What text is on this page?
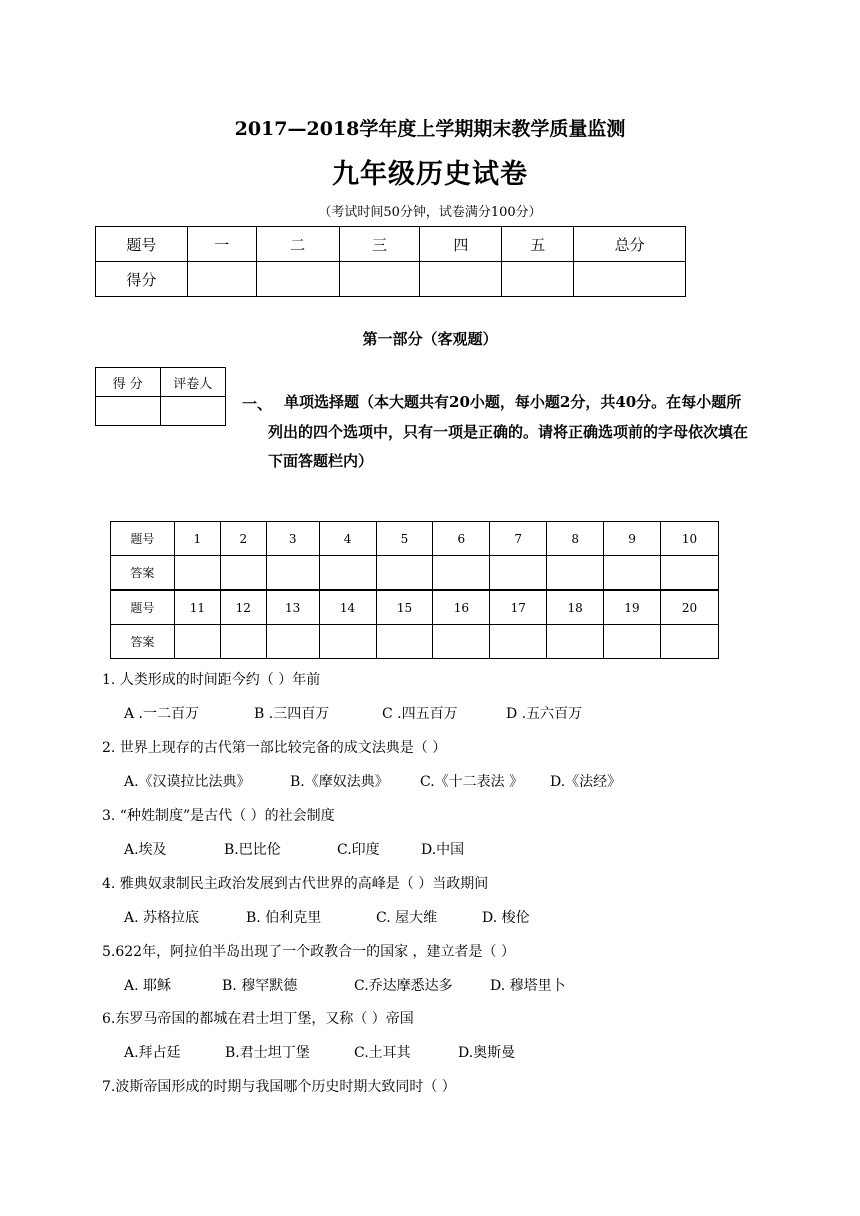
2017—2018学年度上学期期末教学质量监测
九年级历史试卷
（考试时间50分钟，试卷满分100分）
题号	一	二	三	四	五	总分
得分						
第一部分（客观题）
得 分	评卷人

一、 单项选择题（本大题共有20小题，每小题2分，共40分。在每小题所
列出的四个选项中，只有一项是正确的。请将正确选项前的字母依次填在
下面答题栏内）
题号	1	2	3	4	5	6	7	8	9	10
答案										
题号	11	12	13	14	15	16	17	18	19	20
答案										
1. 人类形成的时间距今约（ ）年前
A .一二百万	B .三四百万	C .四五百万	D .五六百万
2. 世界上现存的古代第一部比较完备的成文法典是（ ）
A.《汉谟拉比法典》	B.《摩奴法典》 C.《十二表法 》 D.《法经》
3. “种姓制度”是古代（ ）的社会制度
A.埃及	B.巴比伦	C.印度	D.中国
4. 雅典奴隶制民主政治发展到古代世界的高峰是（ ）当政期间
A. 苏格拉底	B. 伯利克里	C. 屋大维	D. 梭伦
5.622年，阿拉伯半岛出现了一个政教合一的国家 ，建立者是（ ）
A. 耶稣	B. 穆罕默德	C.乔达摩悉达多	D. 穆塔里卜
6.东罗马帝国的都城在君士坦丁堡，又称（ ）帝国
A.拜占廷	B.君士坦丁堡	C.土耳其	D.奥斯曼
7.波斯帝国形成的时期与我国哪个历史时期大致同时（ ）
